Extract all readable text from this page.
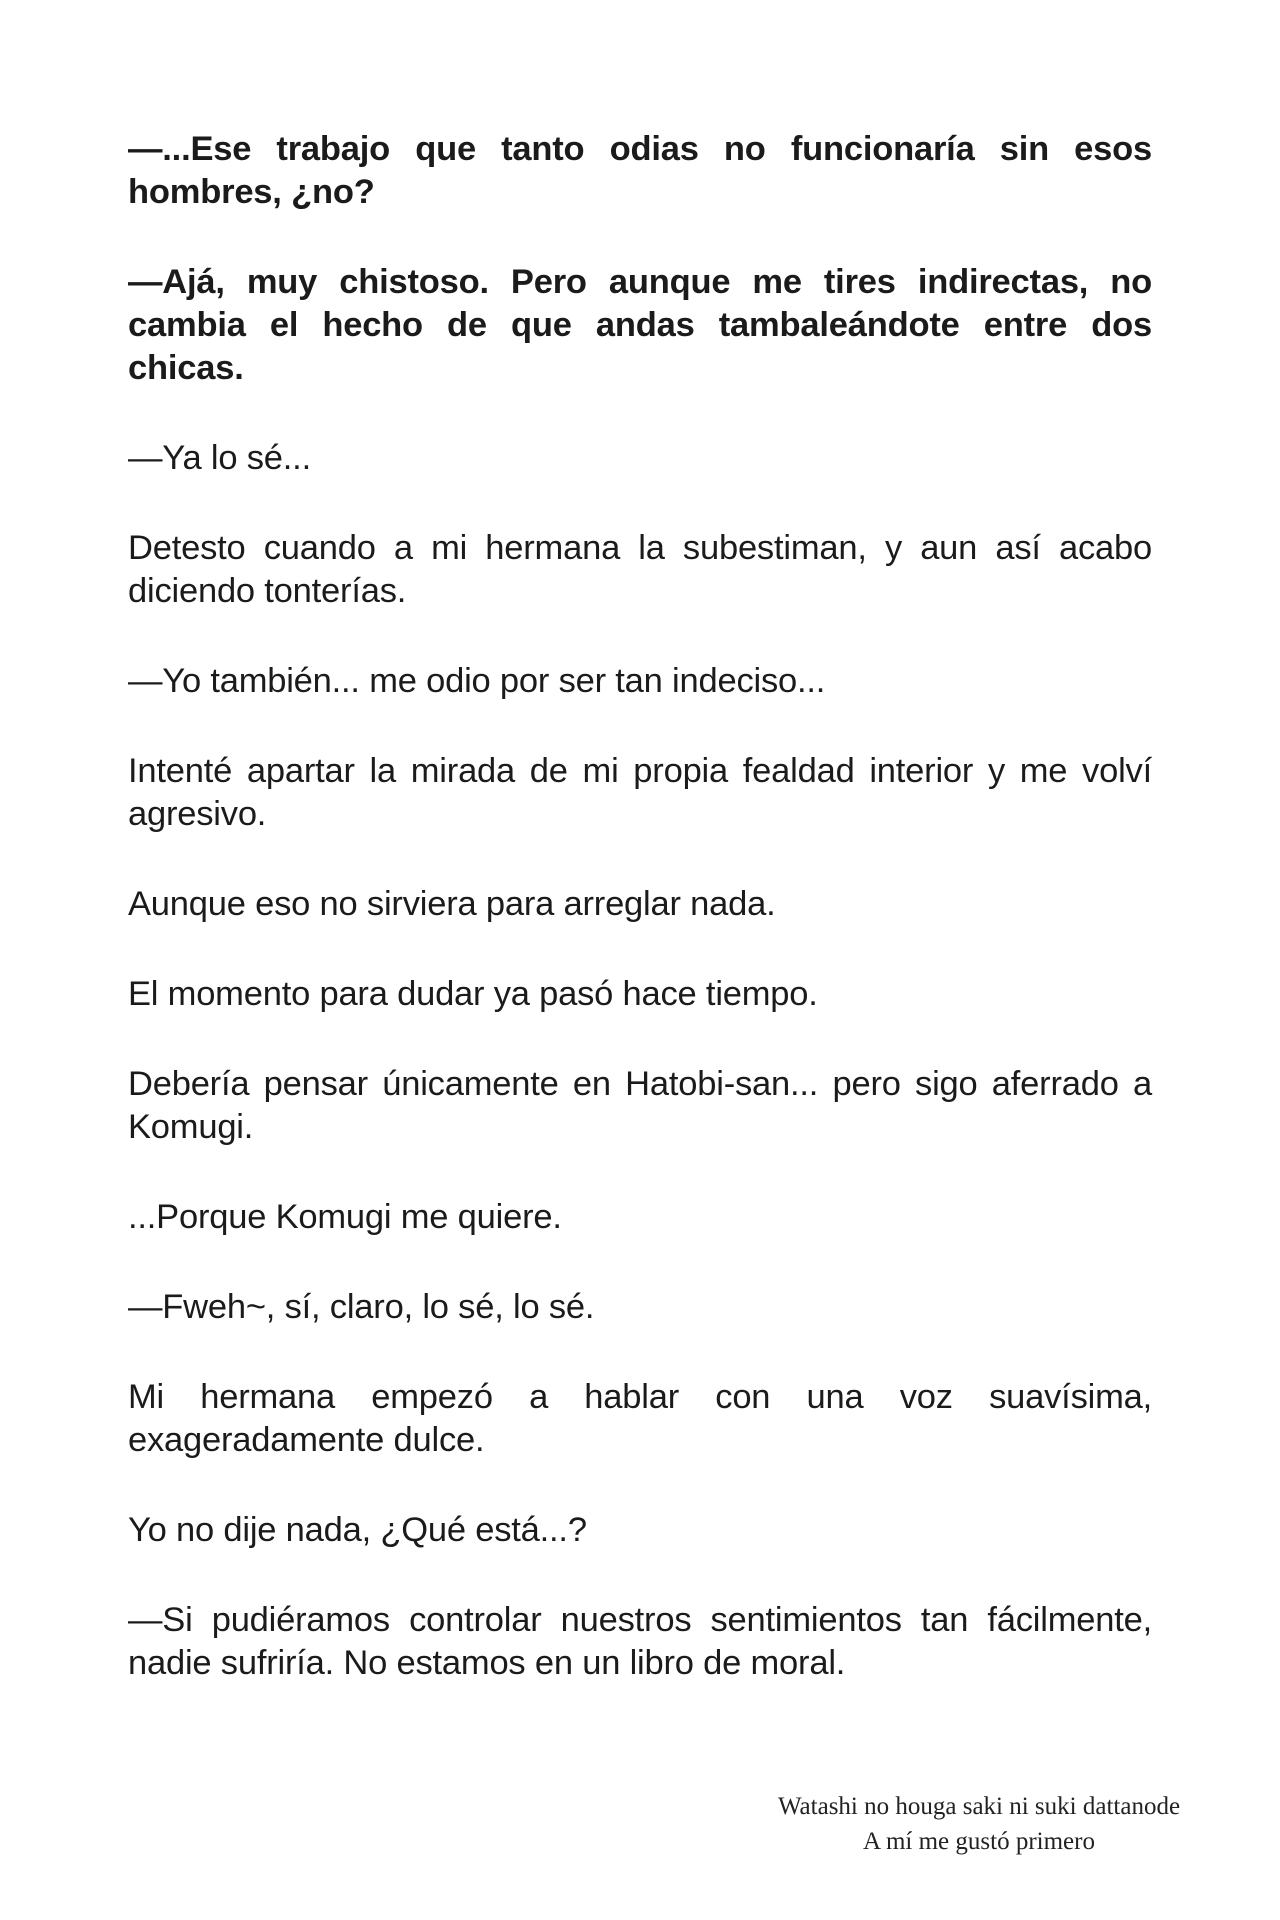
—...Ese trabajo que tanto odias no funcionaría sin esos hombres, ¿no?

—Ajá, muy chistoso. Pero aunque me tires indirectas, no cambia el hecho de que andas tambaleándote entre dos chicas.

—Ya lo sé...

Detesto cuando a mi hermana la subestiman, y aun así acabo diciendo tonterías.

—Yo también... me odio por ser tan indeciso...

Intenté apartar la mirada de mi propia fealdad interior y me volví agresivo.

Aunque eso no sirviera para arreglar nada.

El momento para dudar ya pasó hace tiempo.

Debería pensar únicamente en Hatobi-san... pero sigo aferrado a Komugi.

...Porque Komugi me quiere.

—Fweh~, sí, claro, lo sé, lo sé.

Mi hermana empezó a hablar con una voz suavísima, exageradamente dulce.

Yo no dije nada, ¿Qué está...?

—Si pudiéramos controlar nuestros sentimientos tan fácilmente, nadie sufriría. No estamos en un libro de moral.

Watashi no houga saki ni suki dattanode
A mí me gustó primero
